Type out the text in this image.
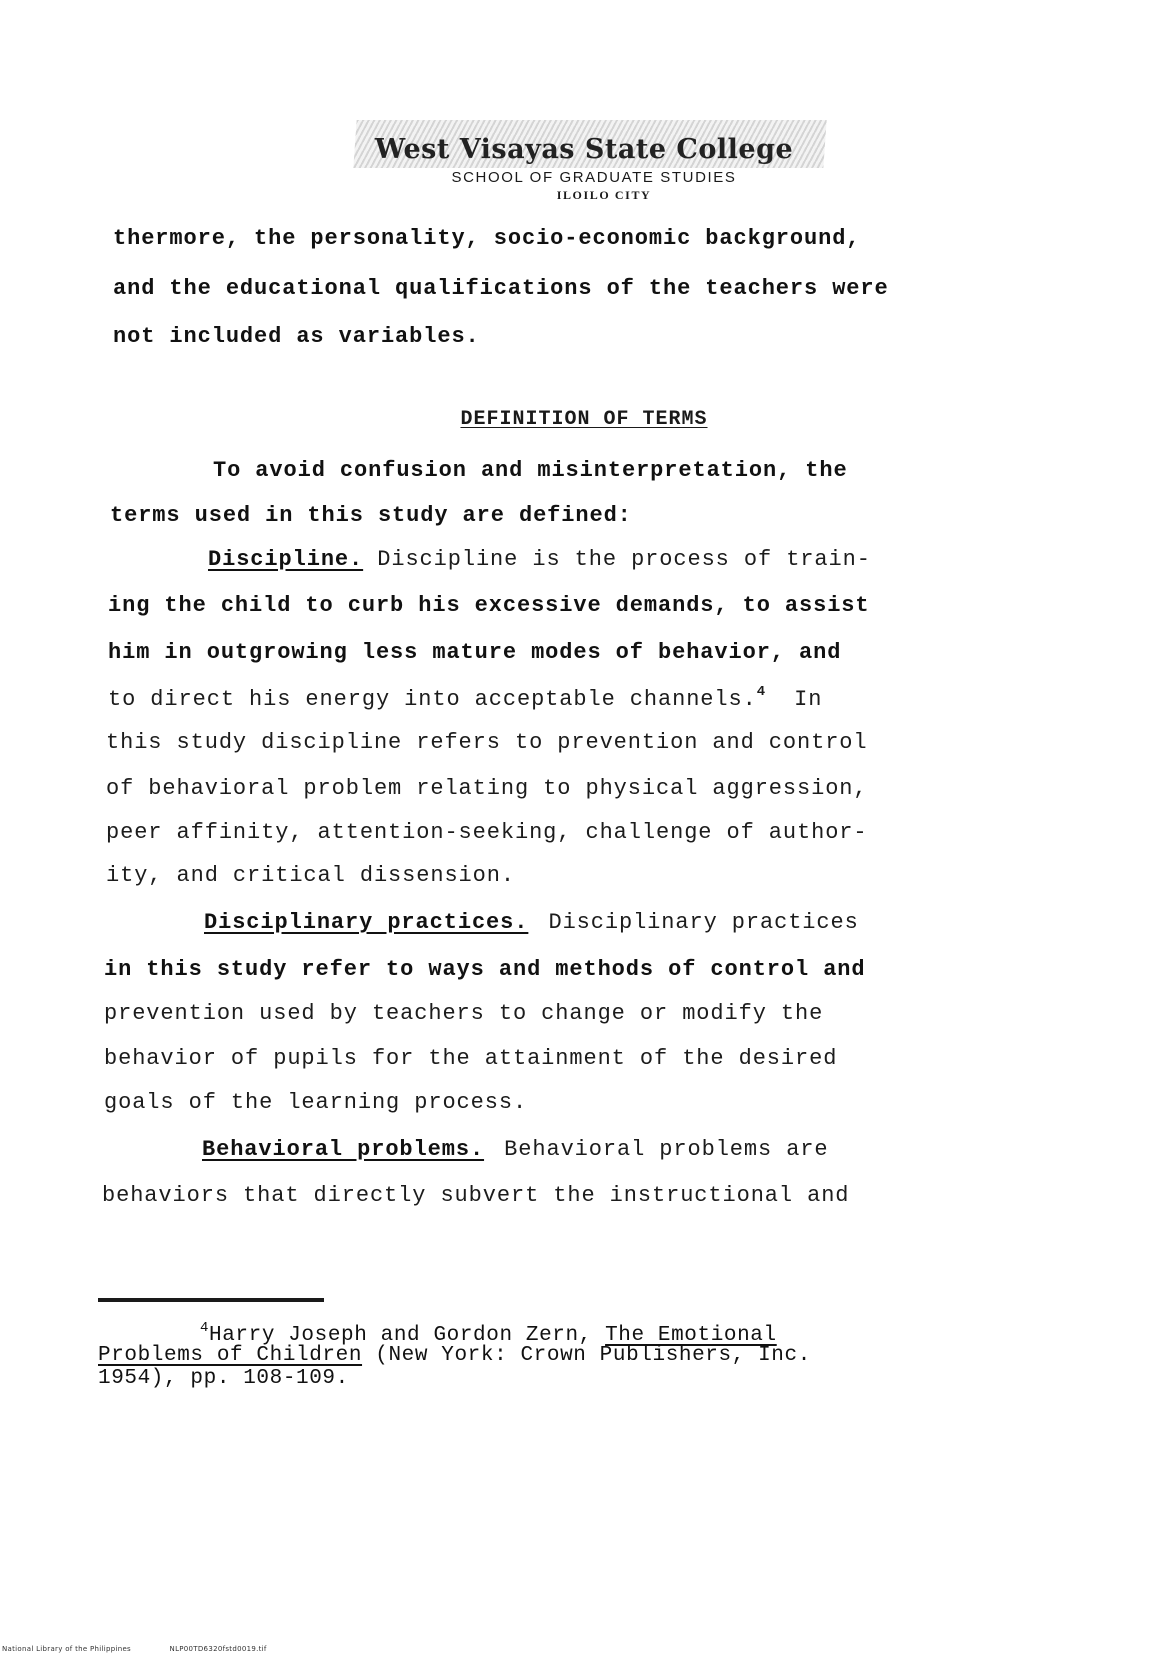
West Visayas State College
SCHOOL OF GRADUATE STUDIES
ILOILO CITY
thermore, the personality, socio-economic background,
and the educational qualifications of the teachers were
not included as variables.
DEFINITION OF TERMS
To avoid confusion and misinterpretation, the
terms used in this study are defined:
Discipline. Discipline is the process of train-
ing the child to curb his excessive demands, to assist
him in outgrowing less mature modes of behavior, and
to direct his energy into acceptable channels.$^4$ In
this study discipline refers to prevention and control
of behavioral problem relating to physical aggression,
peer affinity, attention-seeking, challenge of author-
ity, and critical dissension.
Disciplinary practices. Disciplinary practices
in this study refer to ways and methods of control and
prevention used by teachers to change or modify the
behavior of pupils for the attainment of the desired
goals of the learning process.
Behavioral problems. Behavioral problems are
behaviors that directly subvert the instructional and
$^4$Harry Joseph and Gordon Zern, The Emotional
Problems of Children (New York: Crown Publishers, Inc.
1954), pp. 108-109.
National Library of the Philippines	NLP00TD6320fstd0019.tif
